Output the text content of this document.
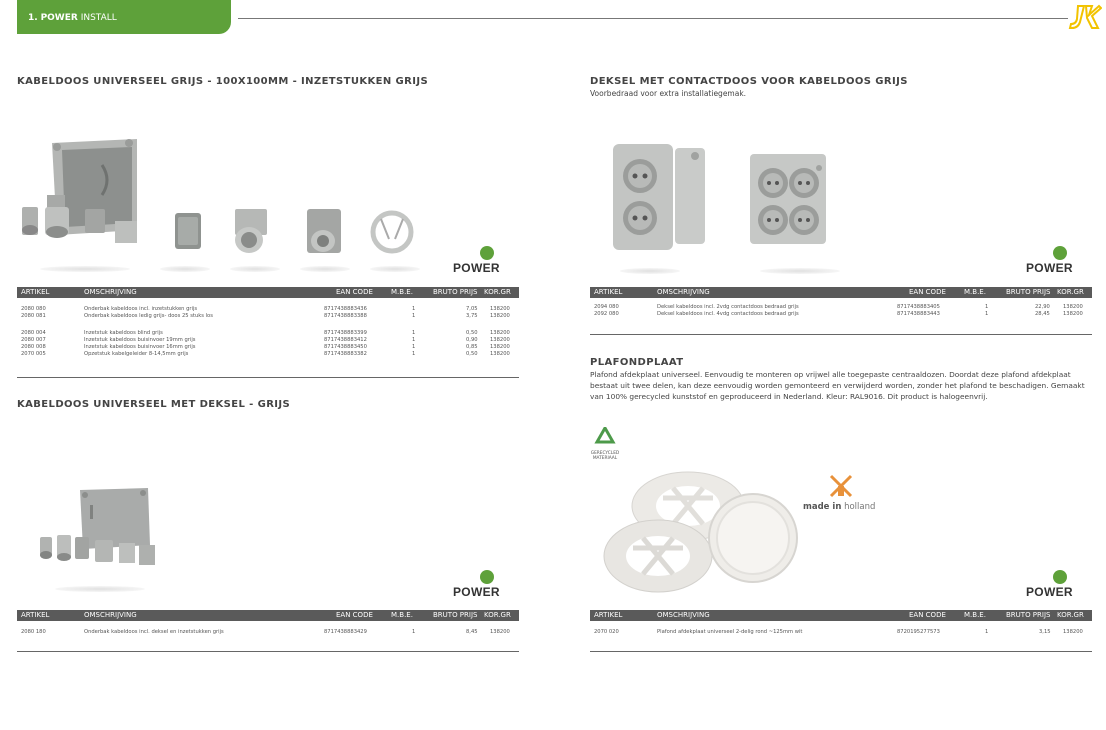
1. POWER INSTALL
KABELDOOS UNIVERSEEL GRIJS - 100X100MM - INZETSTUKKEN GRIJS
POWER
ARTIKEL	OMSCHRIJVING	EAN CODE	M.B.E.	BRUTO PRIJS KOR.GR
2080 080	Onderbak kabeldoos incl. inzetstukken grijs	8717438883436	1	7,05 138200
2080 081	Onderbak kabeldoos ledig grijs- doos 25 stuks los	8717438883388	1	3,75 138200
2080 004	Inzetstuk kabeldoos blind grijs	8717438883399	1	0,50 138200
2080 007	Inzetstuk kabeldoos buisinvoer 19mm grijs	8717438883412	1	0,90 138200
2080 008	Inzetstuk kabeldoos buisinvoer 16mm grijs	8717438883450	1	0,85 138200
2070 005	Opzetstuk kabelgeleider 8-14,5mm grijs	8717438883382	1	0,50 138200
KABELDOOS UNIVERSEEL MET DEKSEL - GRIJS
POWER
ARTIKEL	OMSCHRIJVING	EAN CODE	M.B.E.	BRUTO PRIJS KOR.GR
2080 180	Onderbak kabeldoos incl. deksel en inzetstukken grijs	8717438883429	1	8,45 138200
DEKSEL MET CONTACTDOOS VOOR KABELDOOS GRIJS
Voorbedraad voor extra installatiegemak.
POWER
ARTIKEL	OMSCHRIJVING	EAN CODE	M.B.E.	BRUTO PRIJS KOR.GR
2094 080	Deksel kabeldoos incl. 2vdg contactdoos bedraad grijs	8717438883405	1	22,90	138200
2092 080	Deksel kabeldoos incl. 4vdg contactdoos bedraad grijs	8717438883443	1	28,45	138200
PLAFONDPLAAT
Plafond afdekplaat universeel. Eenvoudig te monteren op vrijwel alle toegepaste centraaldozen. Doordat deze plafond afdekplaat bestaat uit twee delen, kan deze eenvoudig worden gemonteerd en verwijderd worden, zonder het plafond te beschadigen. Gemaakt van 100% gerecycled kunststof en geproduceerd in Nederland. Kleur: RAL9016. Dit product is halogeenvrij.
GERECYCLED
MATERIAAL
made in holland
POWER
ARTIKEL	OMSCHRIJVING	EAN CODE	M.B.E.	BRUTO PRIJS KOR.GR
2070 020	Plafond afdekplaat universeel 2-delig rond ~125mm wit	8720195277573	1	3,15 138200
